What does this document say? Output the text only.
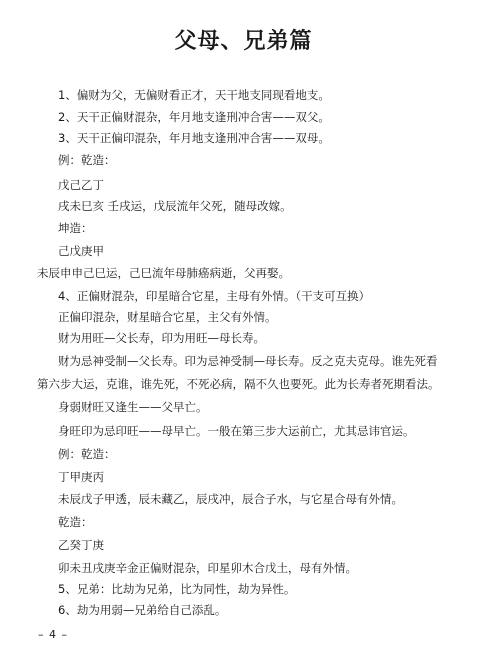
父母、兄弟篇
1、偏财为父，无偏财看正才，天干地支同现看地支。
2、天干正偏财混杂，年月地支逢刑冲合害——双父。
3、天干正偏印混杂，年月地支逢刑冲合害——双母。
例：乾造：
戊己乙丁
戌未巳亥 壬戌运，戊辰流年父死，随母改嫁。
坤造：
己戊庚甲
未辰申申己巳运，己巳流年母肺癌病逝，父再娶。
4、正偏财混杂，印星暗合它星，主母有外情。（干支可互换）
正偏印混杂，财星暗合它星，主父有外情。
财为用旺—父长寿，印为用旺—母长寿。
财为忌神受制—父长寿。印为忌神受制—母长寿。反之克夫克母。谁先死看
第六步大运，克谁，谁先死，不死必病，隔不久也要死。此为长寿者死期看法。
身弱财旺又逢生——父早亡。
身旺印为忌印旺——母早亡。一般在第三步大运前亡，尤其忌讳官运。
例：乾造：
丁甲庚丙
未辰戊子甲透，辰未藏乙，辰戌冲，辰合子水，与它星合母有外情。
乾造：
乙癸丁庚
卯未丑戌庚辛金正偏财混杂，印星卯木合戊土，母有外情。
5、兄弟：比劫为兄弟，比为同性，劫为异性。
6、劫为用弱—兄弟给自己添乱。
– 4 –
